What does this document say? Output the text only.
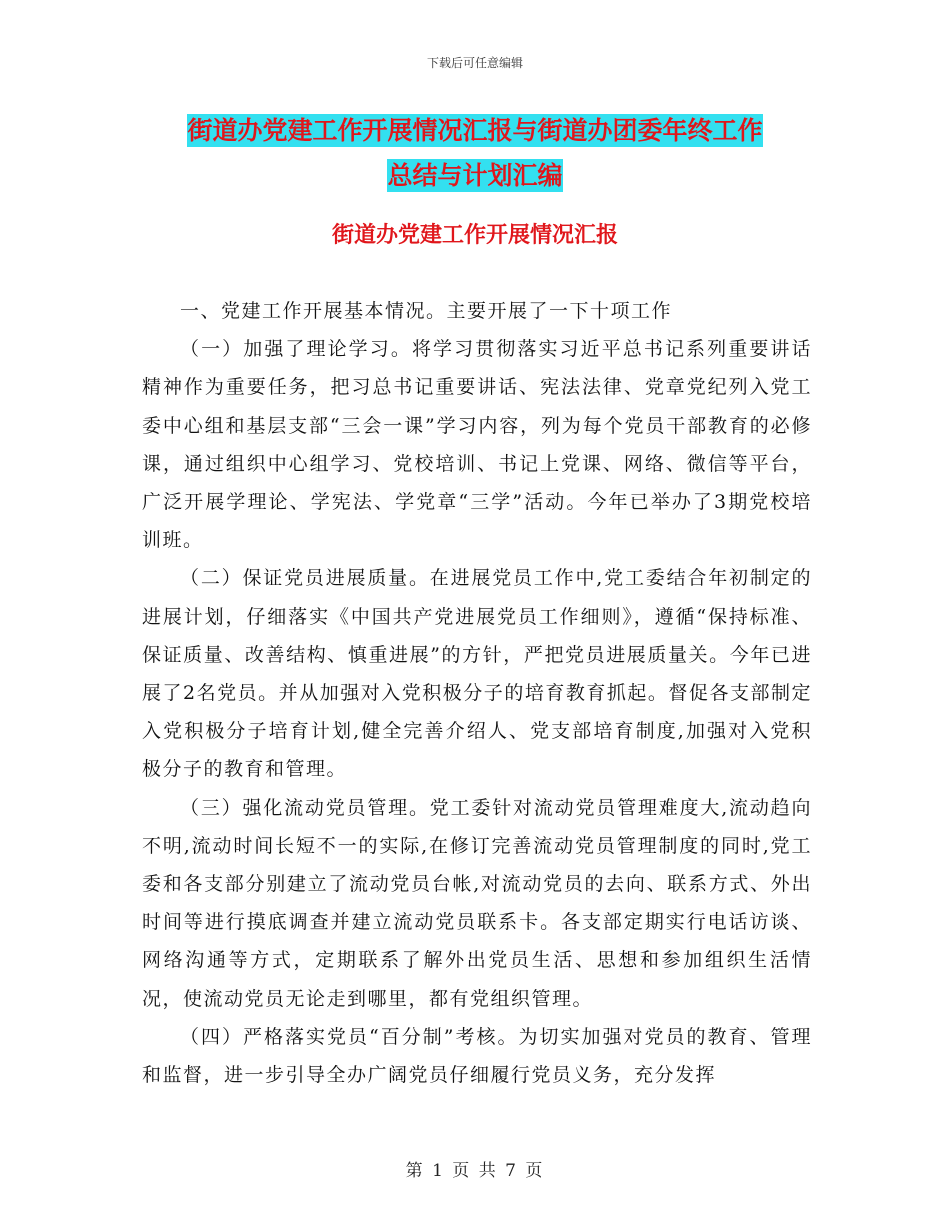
下载后可任意编辑
街道办党建工作开展情况汇报与街道办团委年终工作
总结与计划汇编
街道办党建工作开展情况汇报

一、党建工作开展基本情况。主要开展了一下十项工作

（一）加强了理论学习。将学习贯彻落实习近平总书记系列重要讲话精神作为重要任务，把习总书记重要讲话、宪法法律、党章党纪列入党工委中心组和基层支部“三会一课”学习内容，列为每个党员干部教育的必修课，通过组织中心组学习、党校培训、书记上党课、网络、微信等平台，广泛开展学理论、学宪法、学党章“三学”活动。今年已举办了3期党校培训班。

（二）保证党员进展质量。在进展党员工作中,党工委结合年初制定的进展计划，仔细落实《中国共产党进展党员工作细则》，遵循“保持标准、保证质量、改善结构、慎重进展”的方针，严把党员进展质量关。今年已进展了2名党员。并从加强对入党积极分子的培育教育抓起。督促各支部制定入党积极分子培育计划,健全完善介绍人、党支部培育制度,加强对入党积极分子的教育和管理。

（三）强化流动党员管理。党工委针对流动党员管理难度大,流动趋向不明,流动时间长短不一的实际,在修订完善流动党员管理制度的同时,党工委和各支部分别建立了流动党员台帐,对流动党员的去向、联系方式、外出时间等进行摸底调查并建立流动党员联系卡。各支部定期实行电话访谈、网络沟通等方式，定期联系了解外出党员生活、思想和参加组织生活情况，使流动党员无论走到哪里，都有党组织管理。

（四）严格落实党员“百分制”考核。为切实加强对党员的教育、管理和监督，进一步引导全办广阔党员仔细履行党员义务，充分发挥

第 1 页 共 7 页
